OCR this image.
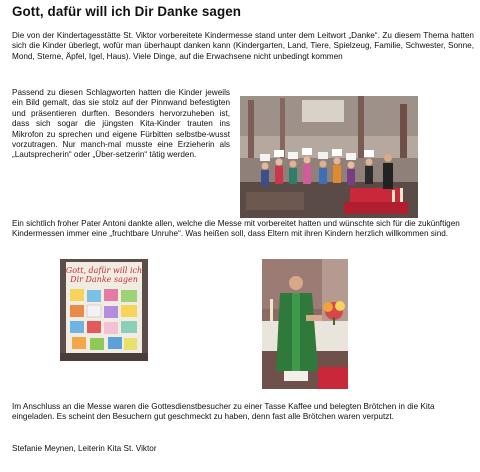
Gott, dafür will ich Dir Danke sagen

Die von der Kindertagesstätte St. Viktor vorbereitete Kindermesse stand unter dem Leitwort „Danke“. Zu diesem Thema hatten sich die Kinder überlegt, wofür man überhaupt danken kann (Kindergarten, Land, Tiere, Spielzeug, Familie, Schwester, Sonne, Mond, Sterne, Äpfel, Igel, Haus). Viele Dinge, auf die Erwachsene nicht unbedingt kommen

Passend zu diesen Schlagworten hatten die Kinder jeweils ein Bild gemalt, das sie stolz auf der Pinnwand befestigten und präsentieren durften. Besonders hervorzuheben ist, dass sich sogar die jüngsten Kita-Kinder trauten ins Mikrofon zu sprechen und eigene Fürbitten selbstbe-wusst vorzutragen. Nur manch-mal musste eine Erzieherin als „Lautsprecherin“ oder „Über-setzerin“ tätig werden.

Ein sichtlich froher Pater Antoni dankte allen, welche die Messe mit vorbereitet hatten und wünschte sich für die zukünftigen Kindermessen immer eine „fruchtbare Unruhe“. Was heißen soll, dass Eltern mit ihren Kindern herzlich willkommen sind.

Gott, dafür will ich
Dir Danke sagen

Im Anschluss an die Messe waren die Gottesdienstbesucher zu einer Tasse Kaffee und belegten Brötchen in die Kita eingeladen. Es scheint den Besuchern gut geschmeckt zu haben, denn fast alle Brötchen waren verputzt.

Stefanie Meynen, Leiterin Kita St. Viktor
